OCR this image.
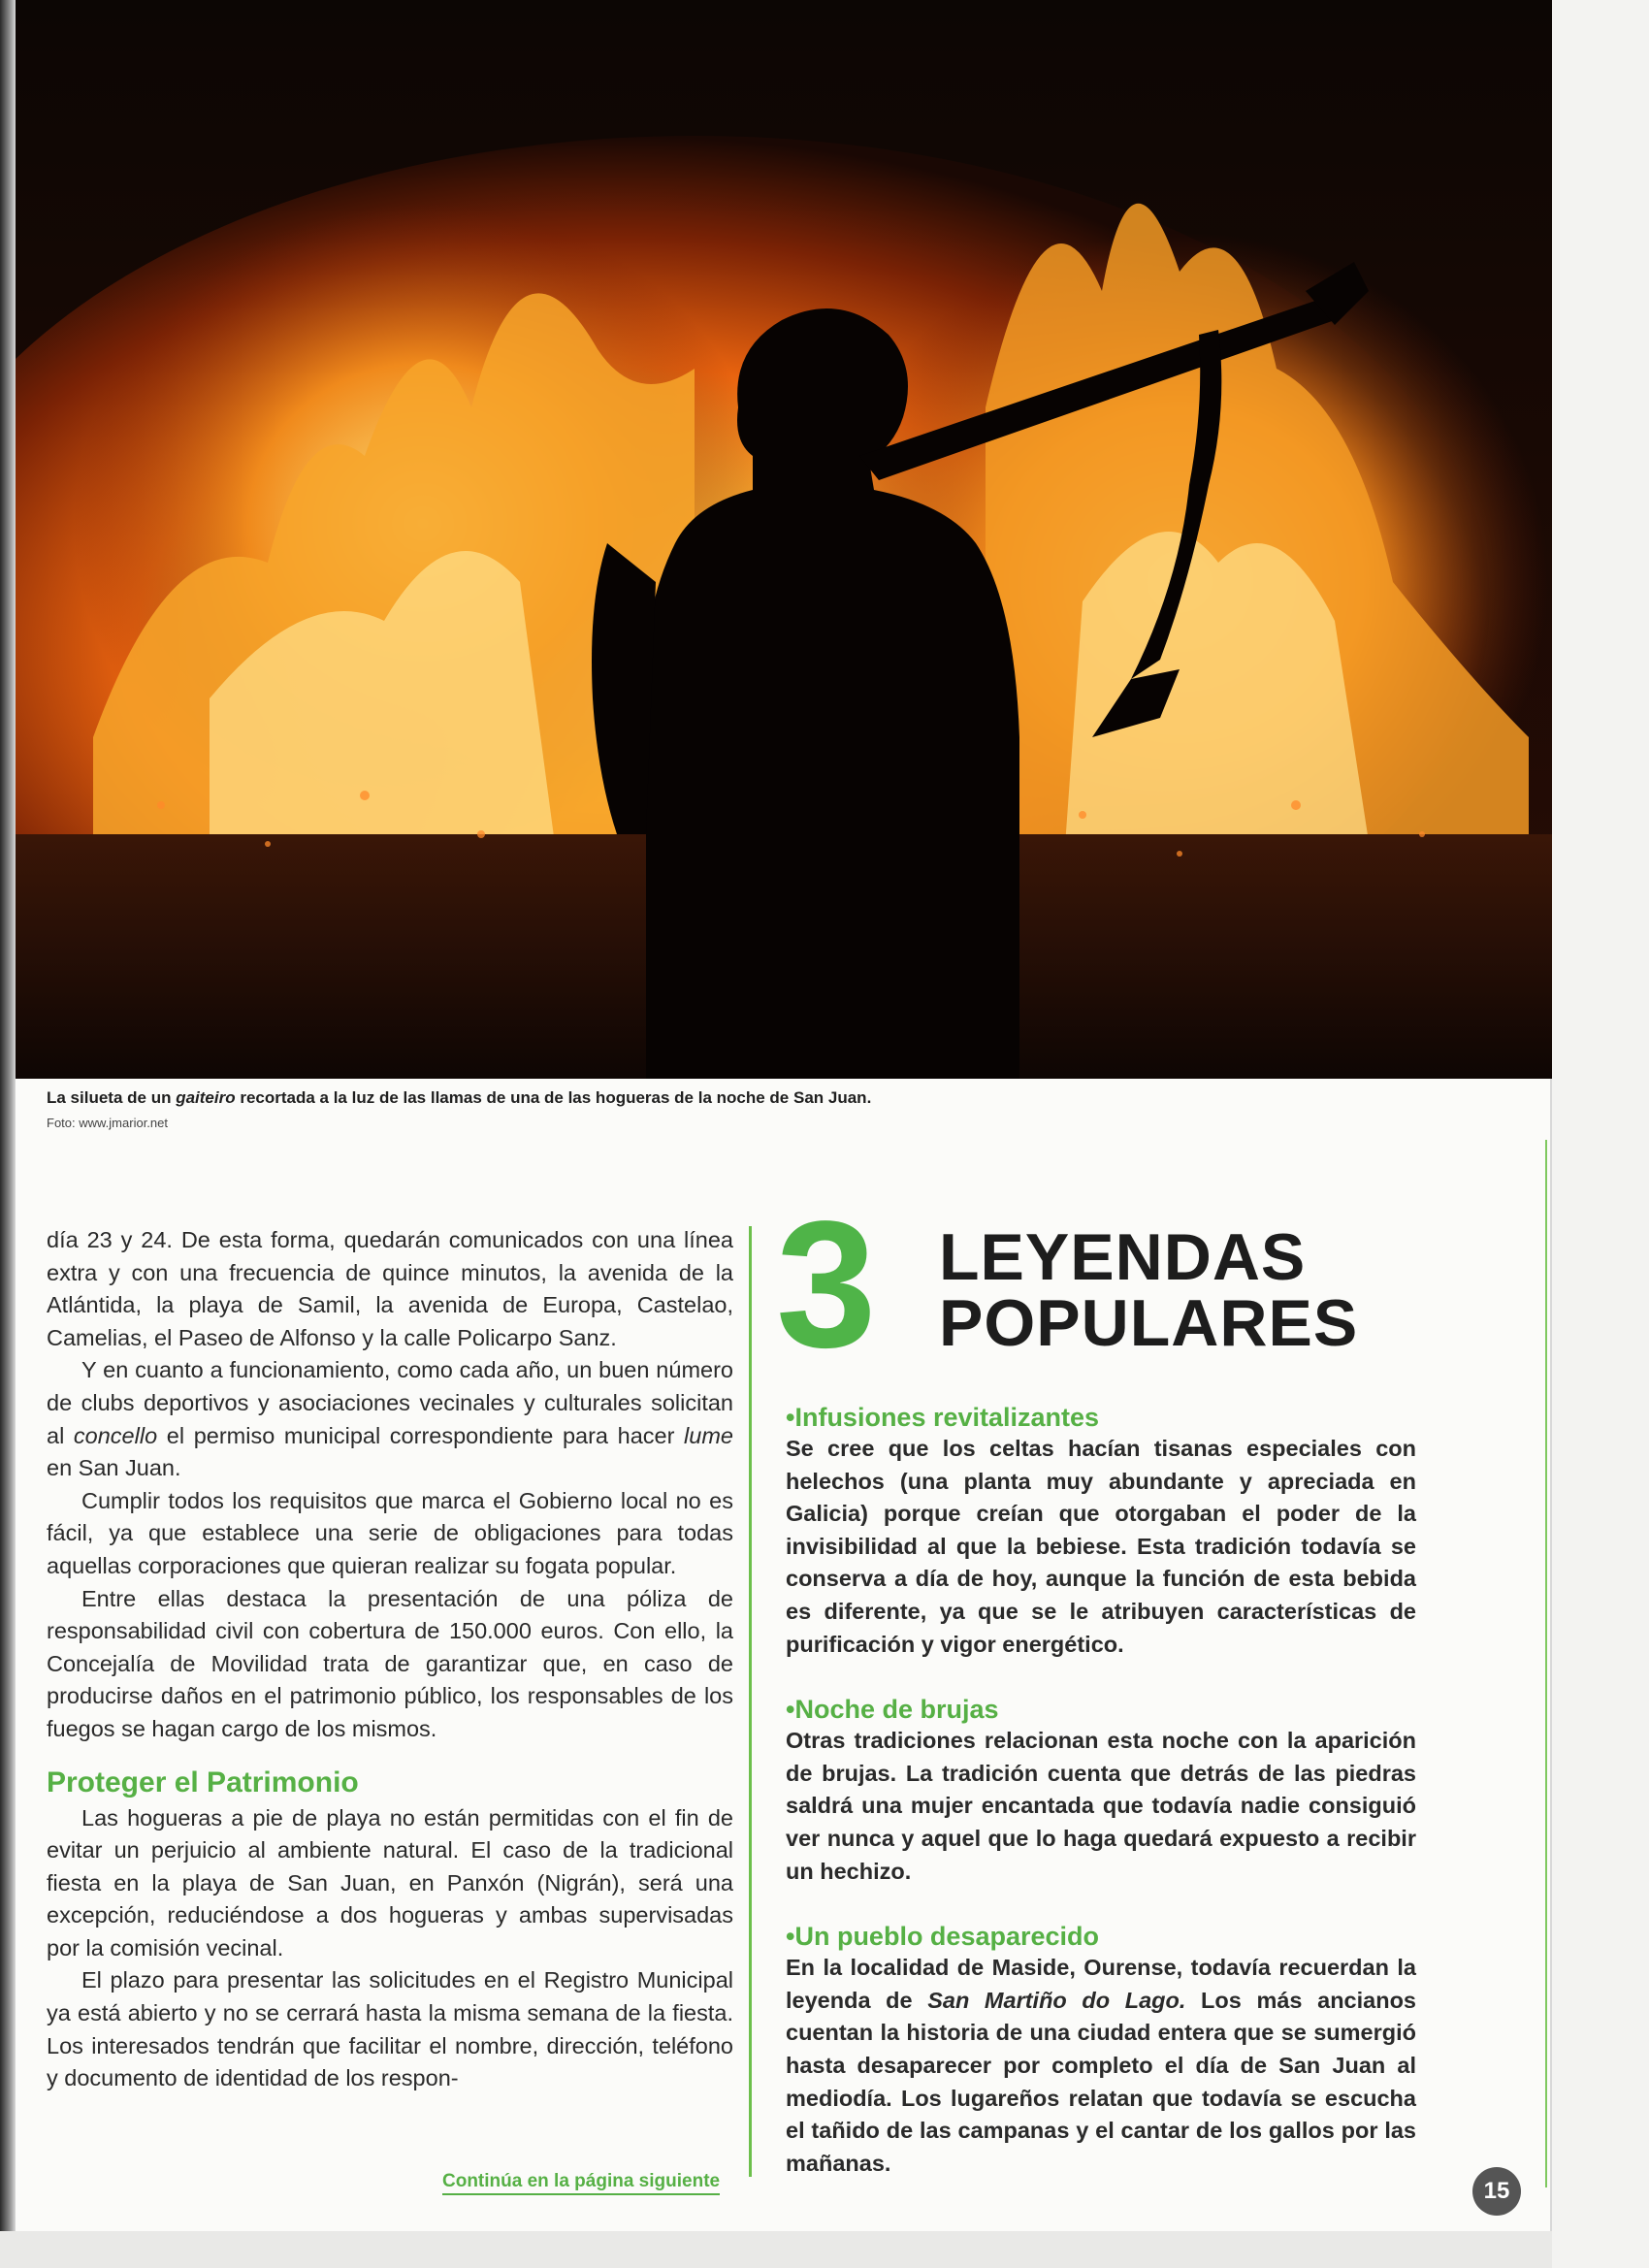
La silueta de un gaiteiro recortada a la luz de las llamas de una de las hogueras de la noche de San Juan.
Foto: www.jmarior.net

día 23 y 24. De esta forma, quedarán comunicados con una línea extra y con una frecuencia de quince minutos, la avenida de la Atlántida, la playa de Samil, la avenida de Europa, Castelao, Camelias, el Paseo de Alfonso y la calle Policarpo Sanz.

Y en cuanto a funcionamiento, como cada año, un buen número de clubs deportivos y asociaciones vecinales y culturales solicitan al concello el permiso municipal correspondiente para hacer lume en San Juan.

Cumplir todos los requisitos que marca el Gobierno local no es fácil, ya que establece una serie de obligaciones para todas aquellas corporaciones que quieran realizar su fogata popular.

Entre ellas destaca la presentación de una póliza de responsabilidad civil con cobertura de 150.000 euros. Con ello, la Concejalía de Movilidad trata de garantizar que, en caso de producirse daños en el patrimonio público, los responsables de los fuegos se hagan cargo de los mismos.

Proteger el Patrimonio

Las hogueras a pie de playa no están permitidas con el fin de evitar un perjuicio al ambiente natural. El caso de la tradicional fiesta en la playa de San Juan, en Panxón (Nigrán), será una excepción, reduciéndose a dos hogueras y ambas supervisadas por la comisión vecinal.

El plazo para presentar las solicitudes en el Registro Municipal ya está abierto y no se cerrará hasta la misma semana de la fiesta. Los interesados tendrán que facilitar el nombre, dirección, teléfono y documento de identidad de los respon-

3 LEYENDAS
POPULARES

•Infusiones revitalizantes

Se cree que los celtas hacían tisanas especiales con helechos (una planta muy abundante y apreciada en Galicia) porque creían que otorgaban el poder de la invisibilidad al que la bebiese. Esta tradición todavía se conserva a día de hoy, aunque la función de esta bebida es diferente, ya que se le atribuyen características de purificación y vigor energético.

•Noche de brujas

Otras tradiciones relacionan esta noche con la aparición de brujas. La tradición cuenta que detrás de las piedras saldrá una mujer encantada que todavía nadie consiguió ver nunca y aquel que lo haga quedará expuesto a recibir un hechizo.

•Un pueblo desaparecido

En la localidad de Maside, Ourense, todavía recuerdan la leyenda de San Martiño do Lago. Los más ancianos cuentan la historia de una ciudad entera que se sumergió hasta desaparecer por completo el día de San Juan al mediodía. Los lugareños relatan que todavía se escucha el tañido de las campanas y el cantar de los gallos por las mañanas.

Continúa en la página siguiente	15
